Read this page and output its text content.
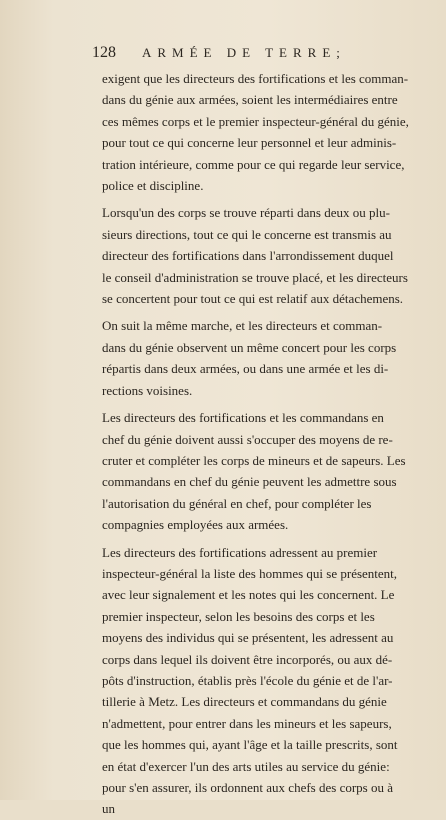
128 ARMÉE DE TERRE;
exigent que les directeurs des fortifications et les comman-
dans du génie aux armées, soient les intermédiaires entre
ces mêmes corps et le premier inspecteur-général du génie,
pour tout ce qui concerne leur personnel et leur adminis-
tration intérieure, comme pour ce qui regarde leur service,
police et discipline.
Lorsqu'un des corps se trouve réparti dans deux ou plu-
sieurs directions, tout ce qui le concerne est transmis au
directeur des fortifications dans l'arrondissement duquel
le conseil d'administration se trouve placé, et les directeurs
se concertent pour tout ce qui est relatif aux détachemens.
On suit la même marche, et les directeurs et comman-
dans du génie observent un même concert pour les corps
répartis dans deux armées, ou dans une armée et les di-
rections voisines.
Les directeurs des fortifications et les commandans en
chef du génie doivent aussi s'occuper des moyens de re-
cruter et compléter les corps de mineurs et de sapeurs. Les
commandans en chef du génie peuvent les admettre sous
l'autorisation du général en chef, pour compléter les
compagnies employées aux armées.
Les directeurs des fortifications adressent au premier
inspecteur-général la liste des hommes qui se présentent,
avec leur signalement et les notes qui les concernent. Le
premier inspecteur, selon les besoins des corps et les
moyens des individus qui se présentent, les adressent au
corps dans lequel ils doivent être incorporés, ou aux dé-
pôts d'instruction, établis près l'école du génie et de l'ar-
tillerie à Metz. Les directeurs et commandans du génie
n'admettent, pour entrer dans les mineurs et les sapeurs,
que les hommes qui, ayant l'âge et la taille prescrits, sont
en état d'exercer l'un des arts utiles au service du génie:
pour s'en assurer, ils ordonnent aux chefs des corps ou à
un
